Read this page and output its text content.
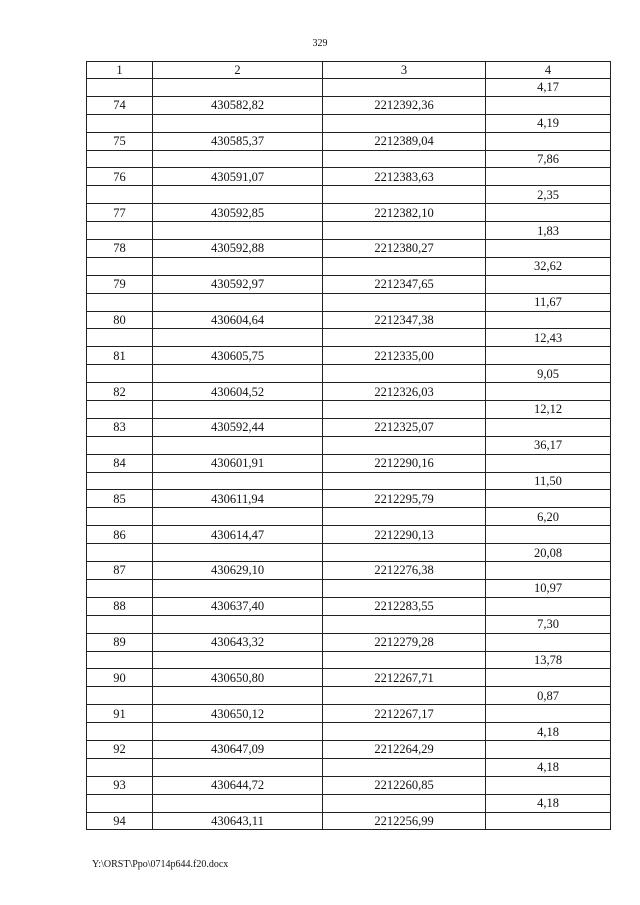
329
1	2	3	4
			4,17
74	430582,82	2212392,36	
			4,19
75	430585,37	2212389,04	
			7,86
76	430591,07	2212383,63	
			2,35
77	430592,85	2212382,10	
			1,83
78	430592,88	2212380,27	
			32,62
79	430592,97	2212347,65	
			11,67
80	430604,64	2212347,38	
			12,43
81	430605,75	2212335,00	
			9,05
82	430604,52	2212326,03	
			12,12
83	430592,44	2212325,07	
			36,17
84	430601,91	2212290,16	
			11,50
85	430611,94	2212295,79	
			6,20
86	430614,47	2212290,13	
			20,08
87	430629,10	2212276,38	
			10,97
88	430637,40	2212283,55	
			7,30
89	430643,32	2212279,28	
			13,78
90	430650,80	2212267,71	
			0,87
91	430650,12	2212267,17	
			4,18
92	430647,09	2212264,29	
			4,18
93	430644,72	2212260,85	
			4,18
94	430643,11	2212256,99	
Y:\ORST\Ppo\0714p644.f20.docx
